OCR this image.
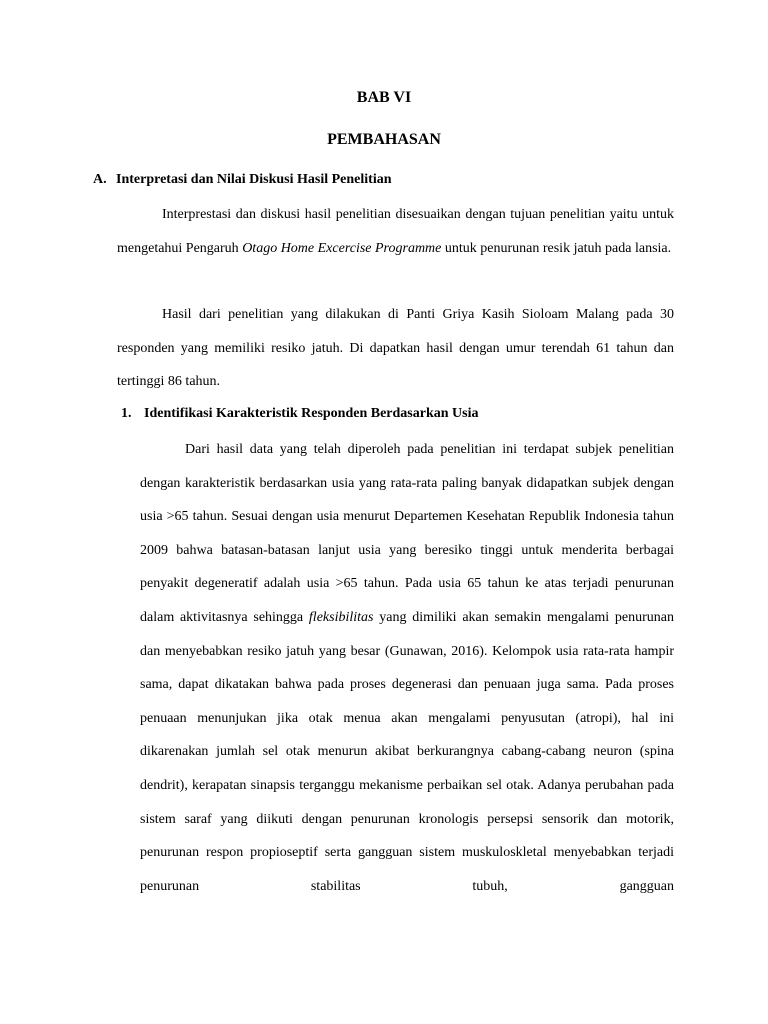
BAB VI
PEMBAHASAN
A. Interpretasi dan Nilai Diskusi Hasil Penelitian

Interprestasi dan diskusi hasil penelitian disesuaikan dengan tujuan penelitian yaitu untuk mengetahui Pengaruh Otago Home Excercise Programme untuk penurunan resik jatuh pada lansia.

Hasil dari penelitian yang dilakukan di Panti Griya Kasih Sioloam Malang pada 30 responden yang memiliki resiko jatuh. Di dapatkan hasil dengan umur terendah 61 tahun dan tertinggi 86 tahun.

1. Identifikasi Karakteristik Responden Berdasarkan Usia

Dari hasil data yang telah diperoleh pada penelitian ini terdapat subjek penelitian dengan karakteristik berdasarkan usia yang rata-rata paling banyak didapatkan subjek dengan usia >65 tahun. Sesuai dengan usia menurut Departemen Kesehatan Republik Indonesia tahun 2009 bahwa batasan-batasan lanjut usia yang beresiko tinggi untuk menderita berbagai penyakit degeneratif adalah usia >65 tahun. Pada usia 65 tahun ke atas terjadi penurunan dalam aktivitasnya sehingga fleksibilitas yang dimiliki akan semakin mengalami penurunan dan menyebabkan resiko jatuh yang besar (Gunawan, 2016). Kelompok usia rata-rata hampir sama, dapat dikatakan bahwa pada proses degenerasi dan penuaan juga sama. Pada proses penuaan menunjukan jika otak menua akan mengalami penyusutan (atropi), hal ini dikarenakan jumlah sel otak menurun akibat berkurangnya cabang-cabang neuron (spina dendrit), kerapatan sinapsis terganggu mekanisme perbaikan sel otak. Adanya perubahan pada sistem saraf yang diikuti dengan penurunan kronologis persepsi sensorik dan motorik, penurunan respon propioseptif serta gangguan sistem muskuloskletal menyebabkan terjadi penurunan stabilitas tubuh, gangguan
